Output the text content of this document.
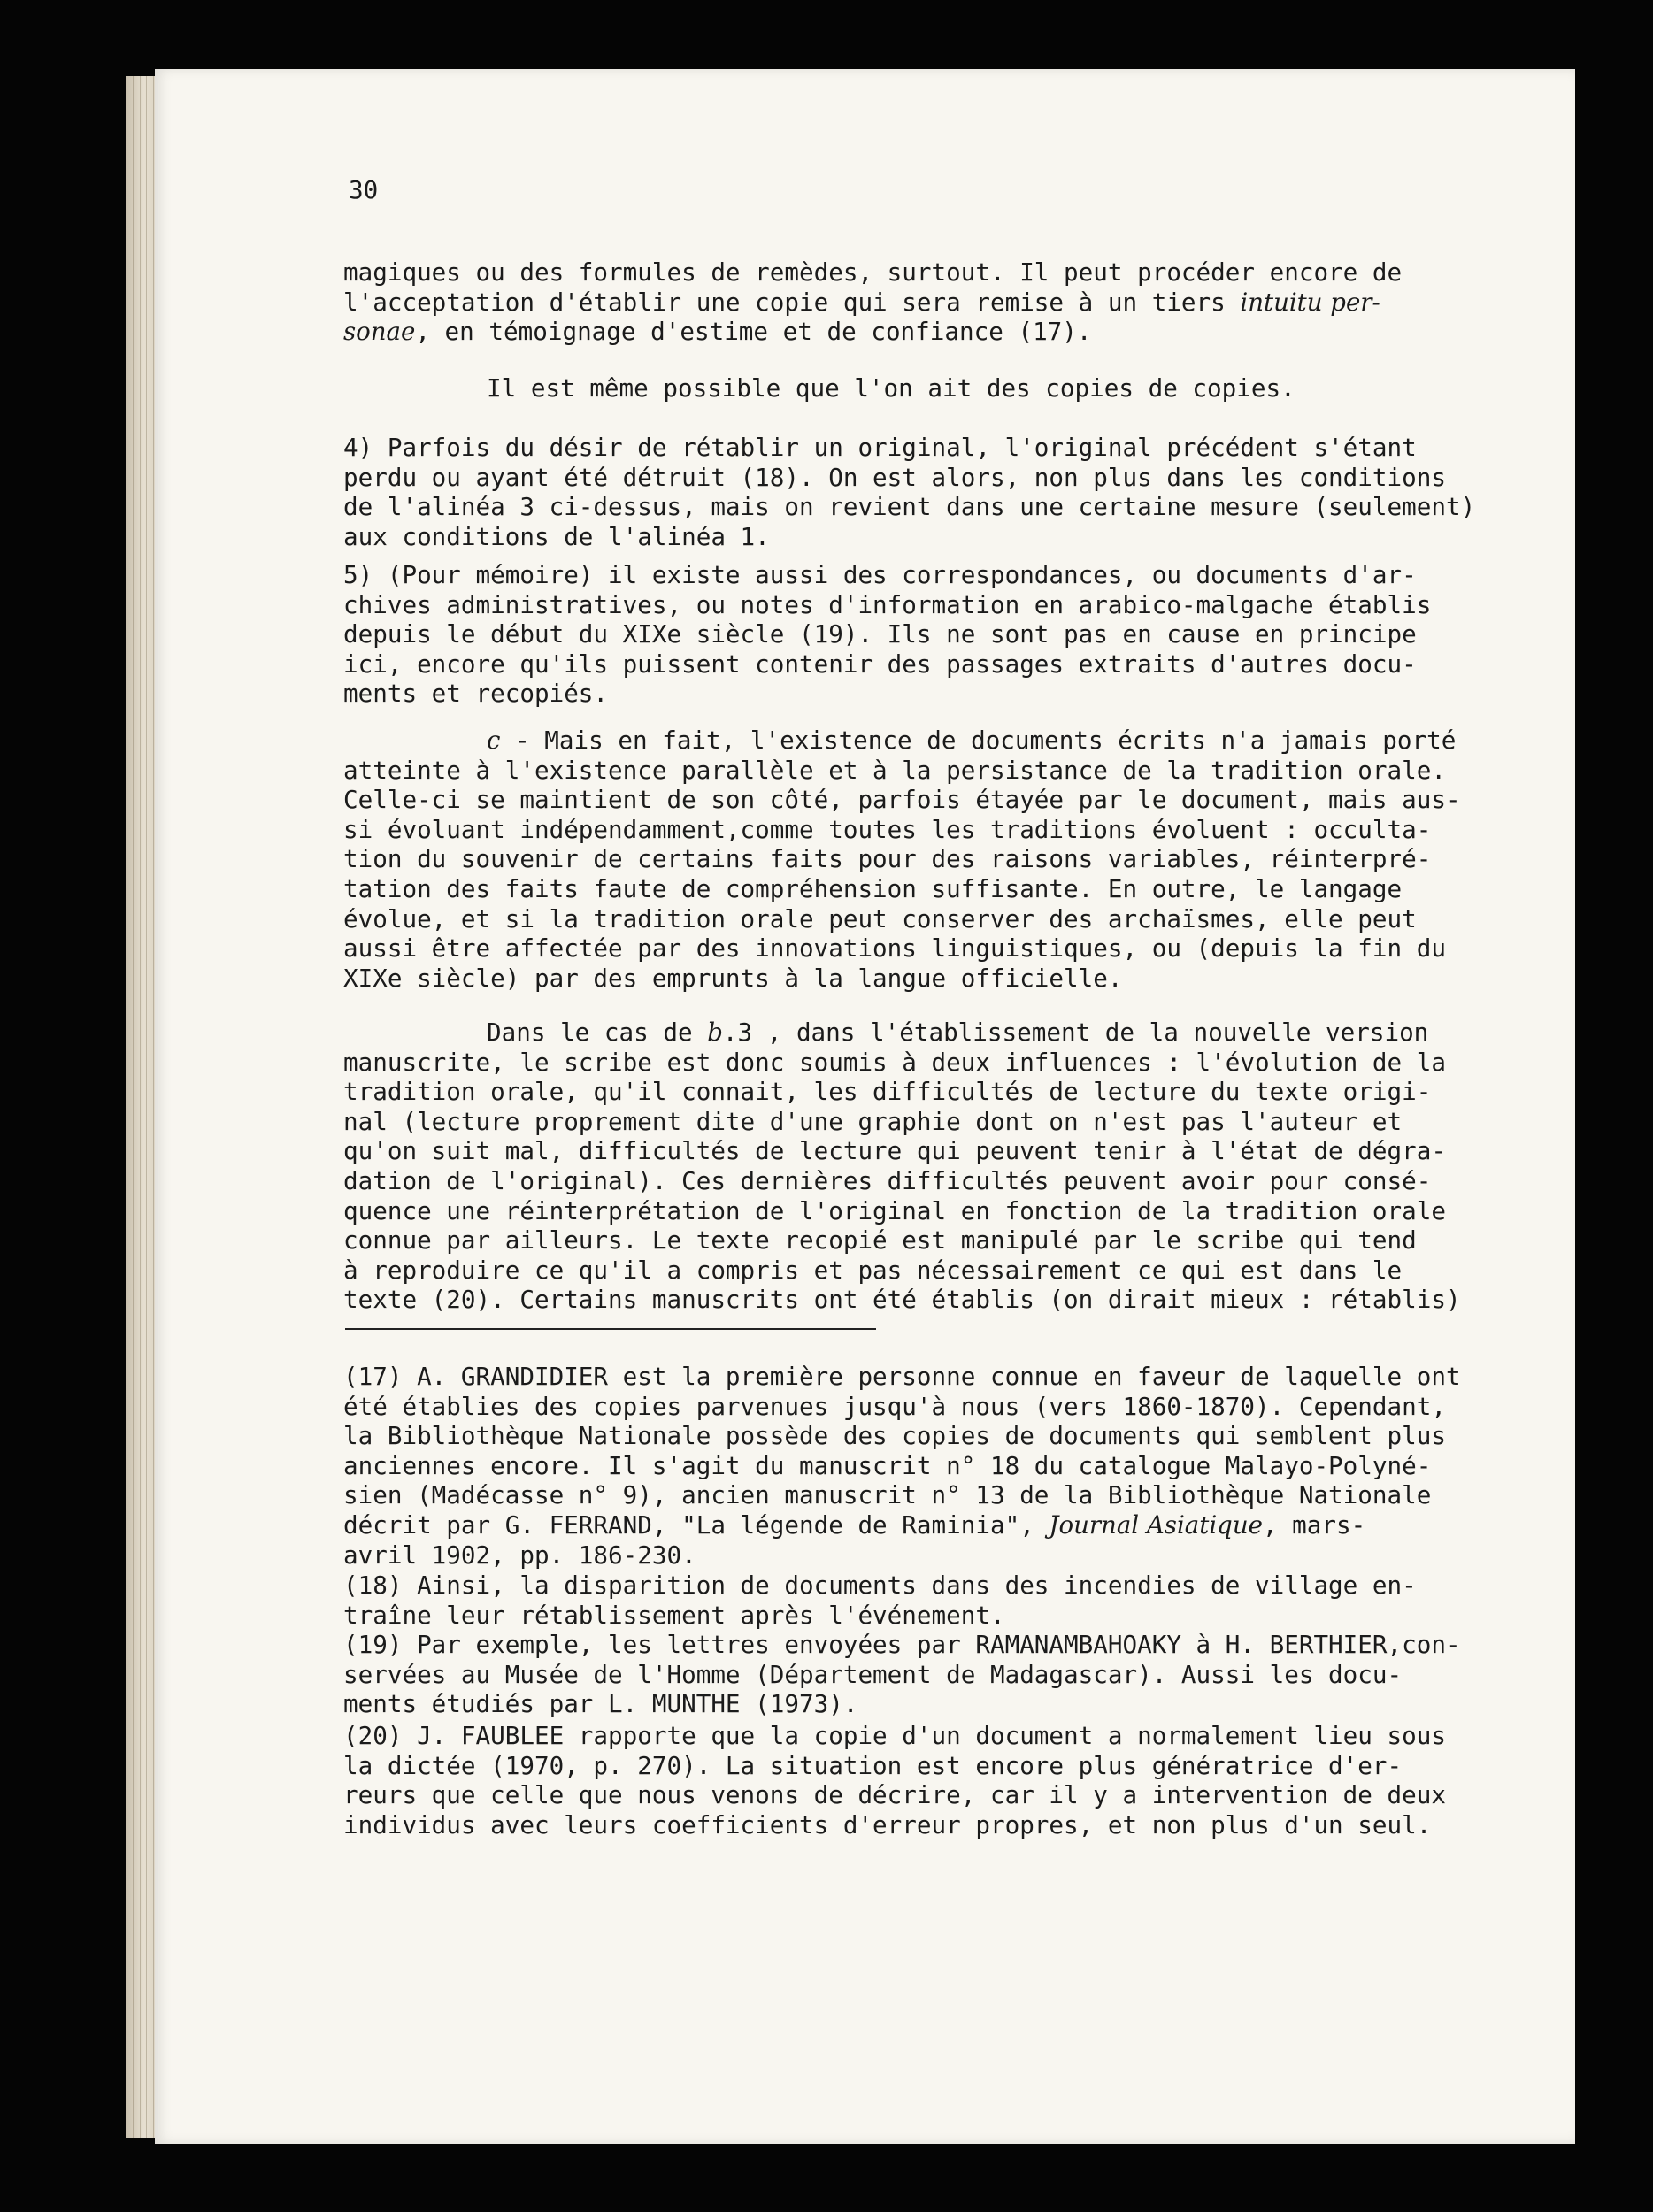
30

magiques ou des formules de remèdes, surtout. Il peut procéder encore de
l'acceptation d'établir une copie qui sera remise à un tiers intuitu per-
sonae, en témoignage d'estime et de confiance (17).
Il est même possible que l'on ait des copies de copies.
4) Parfois du désir de rétablir un original, l'original précédent s'étant
perdu ou ayant été détruit (18). On est alors, non plus dans les conditions
de l'alinéa 3 ci-dessus, mais on revient dans une certaine mesure (seulement)
aux conditions de l'alinéa 1.
5) (Pour mémoire) il existe aussi des correspondances, ou documents d'ar-
chives administratives, ou notes d'information en arabico-malgache établis
depuis le début du XIXe siècle (19). Ils ne sont pas en cause en principe
ici, encore qu'ils puissent contenir des passages extraits d'autres docu-
ments et recopiés.
c - Mais en fait, l'existence de documents écrits n'a jamais porté
atteinte à l'existence parallèle et à la persistance de la tradition orale.
Celle-ci se maintient de son côté, parfois étayée par le document, mais aus-
si évoluant indépendamment,comme toutes les traditions évoluent : occulta-
tion du souvenir de certains faits pour des raisons variables, réinterpré-
tation des faits faute de compréhension suffisante. En outre, le langage
évolue, et si la tradition orale peut conserver des archaïsmes, elle peut
aussi être affectée par des innovations linguistiques, ou (depuis la fin du
XIXe siècle) par des emprunts à la langue officielle.
Dans le cas de b.3 , dans l'établissement de la nouvelle version
manuscrite, le scribe est donc soumis à deux influences : l'évolution de la
tradition orale, qu'il connait, les difficultés de lecture du texte origi-
nal (lecture proprement dite d'une graphie dont on n'est pas l'auteur et
qu'on suit mal, difficultés de lecture qui peuvent tenir à l'état de dégra-
dation de l'original). Ces dernières difficultés peuvent avoir pour consé-
quence une réinterprétation de l'original en fonction de la tradition orale
connue par ailleurs. Le texte recopié est manipulé par le scribe qui tend
à reproduire ce qu'il a compris et pas nécessairement ce qui est dans le
texte (20). Certains manuscrits ont été établis (on dirait mieux : rétablis)
(17) A. GRANDIDIER est la première personne connue en faveur de laquelle ont
été établies des copies parvenues jusqu'à nous (vers 1860-1870). Cependant,
la Bibliothèque Nationale possède des copies de documents qui semblent plus
anciennes encore. Il s'agit du manuscrit n° 18 du catalogue Malayo-Polyné-
sien (Madécasse n° 9), ancien manuscrit n° 13 de la Bibliothèque Nationale
décrit par G. FERRAND, "La légende de Raminia", Journal Asiatique, mars-
avril 1902, pp. 186-230.
(18) Ainsi, la disparition de documents dans des incendies de village en-
traîne leur rétablissement après l'événement.
(19) Par exemple, les lettres envoyées par RAMANAMBAHOAKY à H. BERTHIER,con-
servées au Musée de l'Homme (Département de Madagascar). Aussi les docu-
ments étudiés par L. MUNTHE (1973).
(20) J. FAUBLEE rapporte que la copie d'un document a normalement lieu sous
la dictée (1970, p. 270). La situation est encore plus génératrice d'er-
reurs que celle que nous venons de décrire, car il y a intervention de deux
individus avec leurs coefficients d'erreur propres, et non plus d'un seul.
